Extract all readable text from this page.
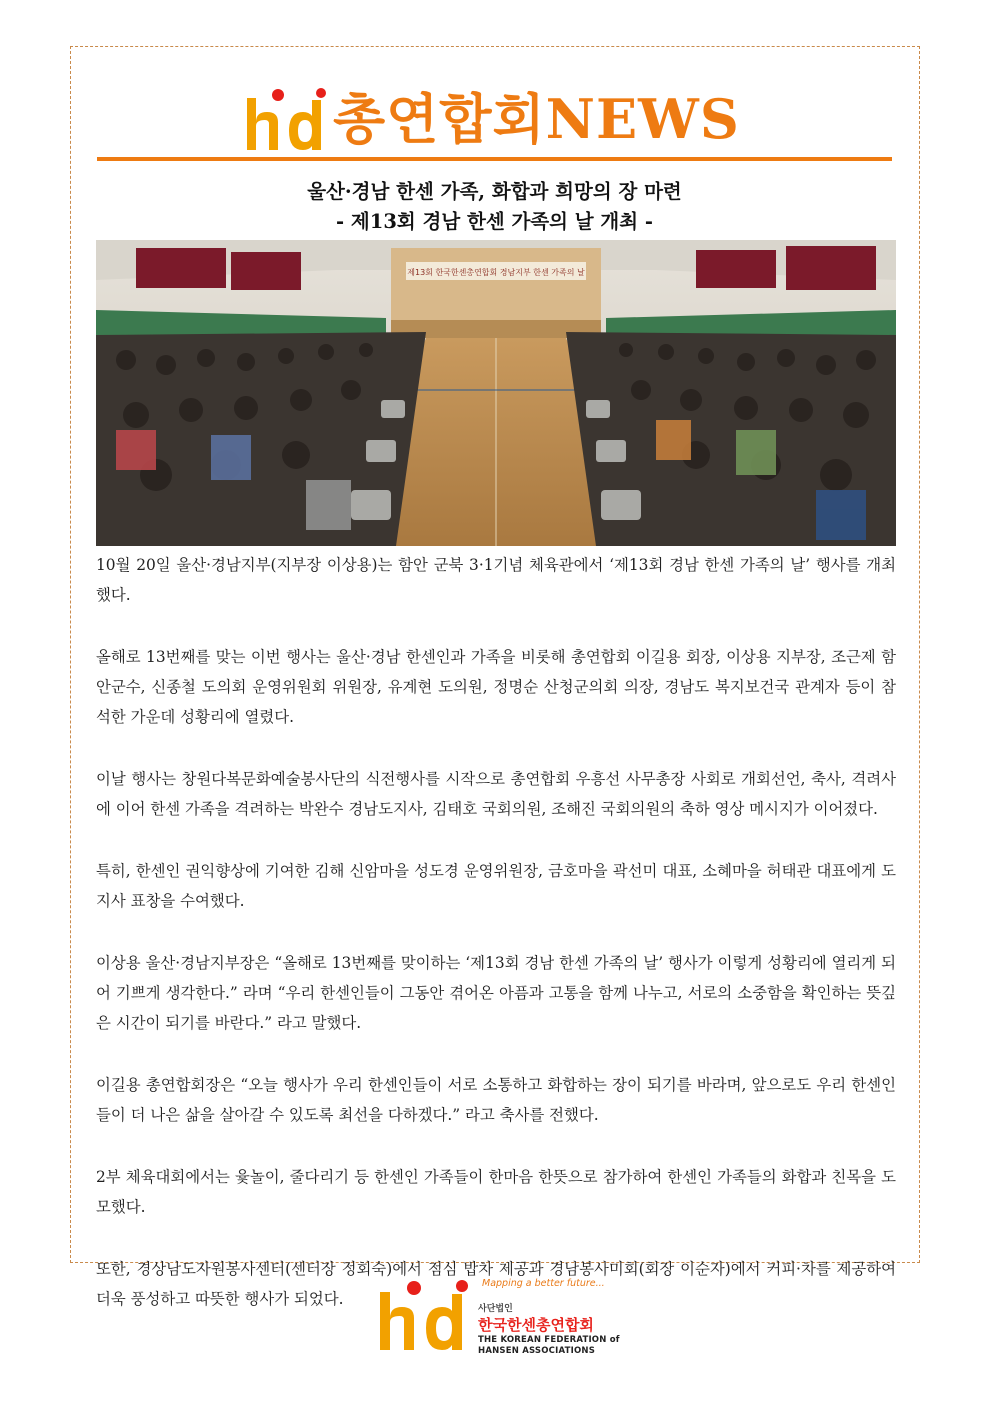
총연합회NEWS
울산·경남 한센 가족, 화합과 희망의 장 마련
- 제13회 경남 한센 가족의 날 개최 -
제13회 한국한센총연합회 경남지부 한센 가족의 날

10월 20일 울산·경남지부(지부장 이상용)는 함안 군북 3·1기념 체육관에서 ‘제13회 경남 한센 가족의 날’ 행사를 개최했다.

올해로 13번째를 맞는 이번 행사는 울산·경남 한센인과 가족을 비롯해 총연합회 이길용 회장, 이상용 지부장, 조근제 함안군수, 신종철 도의회 운영위원회 위원장, 유계현 도의원, 정명순 산청군의회 의장, 경남도 복지보건국 관계자 등이 참석한 가운데 성황리에 열렸다.

이날 행사는 창원다복문화예술봉사단의 식전행사를 시작으로 총연합회 우흥선 사무총장 사회로 개회선언, 축사, 격려사에 이어 한센 가족을 격려하는 박완수 경남도지사, 김태호 국회의원, 조해진 국회의원의 축하 영상 메시지가 이어졌다.

특히, 한센인 권익향상에 기여한 김해 신암마을 성도경 운영위원장, 금호마을 곽선미 대표, 소혜마을 허태관 대표에게 도지사 표창을 수여했다.

이상용 울산·경남지부장은 “올해로 13번째를 맞이하는 ‘제13회 경남 한센 가족의 날’ 행사가 이렇게 성황리에 열리게 되어 기쁘게 생각한다.” 라며 “우리 한센인들이 그동안 겪어온 아픔과 고통을 함께 나누고, 서로의 소중함을 확인하는 뜻깊은 시간이 되기를 바란다.” 라고 말했다.

이길용 총연합회장은 “오늘 행사가 우리 한센인들이 서로 소통하고 화합하는 장이 되기를 바라며, 앞으로도 우리 한센인들이 더 나은 삶을 살아갈 수 있도록 최선을 다하겠다.” 라고 축사를 전했다.

2부 체육대회에서는 윷놀이, 줄다리기 등 한센인 가족들이 한마음 한뜻으로 참가하여 한센인 가족들의 화합과 친목을 도모했다.

또한, 경상남도자원봉사센터(센터장 정회숙)에서 점심 밥차 제공과 경남봉사미회(회장 이순자)에서 커피·차를 제공하여 더욱 풍성하고 따뜻한 행사가 되었다.

Mapping a better future...
사단법인
한국한센총연합회
THE KOREAN FEDERATION of
HANSEN ASSOCIATIONS
